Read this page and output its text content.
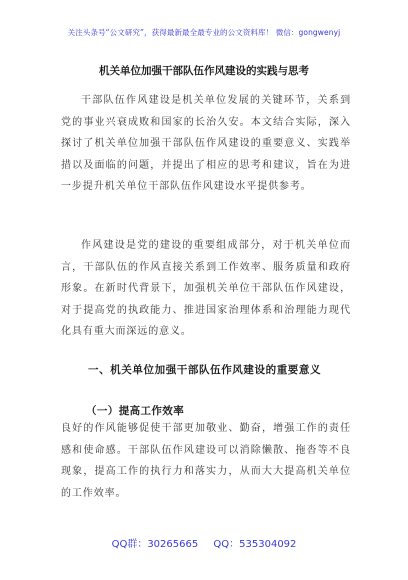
关注头条号“公文研究”，获得最新最全最专业的公文资料库！ 微信：gongwenyj
机关单位加强干部队伍作风建设的实践与思考

干部队伍作风建设是机关单位发展的关键环节，关系到党的事业兴衰成败和国家的长治久安。本文结合实际，深入探讨了机关单位加强干部队伍作风建设的重要意义、实践举措以及面临的问题，并提出了相应的思考和建议，旨在为进一步提升机关单位干部队伍作风建设水平提供参考。

作风建设是党的建设的重要组成部分，对于机关单位而言，干部队伍的作风直接关系到工作效率、服务质量和政府形象。在新时代背景下，加强机关单位干部队伍作风建设，对于提高党的执政能力、推进国家治理体系和治理能力现代化具有重大而深远的意义。

一、机关单位加强干部队伍作风建设的重要意义
（一）提高工作效率

良好的作风能够促使干部更加敬业、勤奋，增强工作的责任感和使命感。干部队伍作风建设可以消除懒散、拖沓等不良现象，提高工作的执行力和落实力，从而大大提高机关单位的工作效率。

QQ群：30265665 QQ：535304092
